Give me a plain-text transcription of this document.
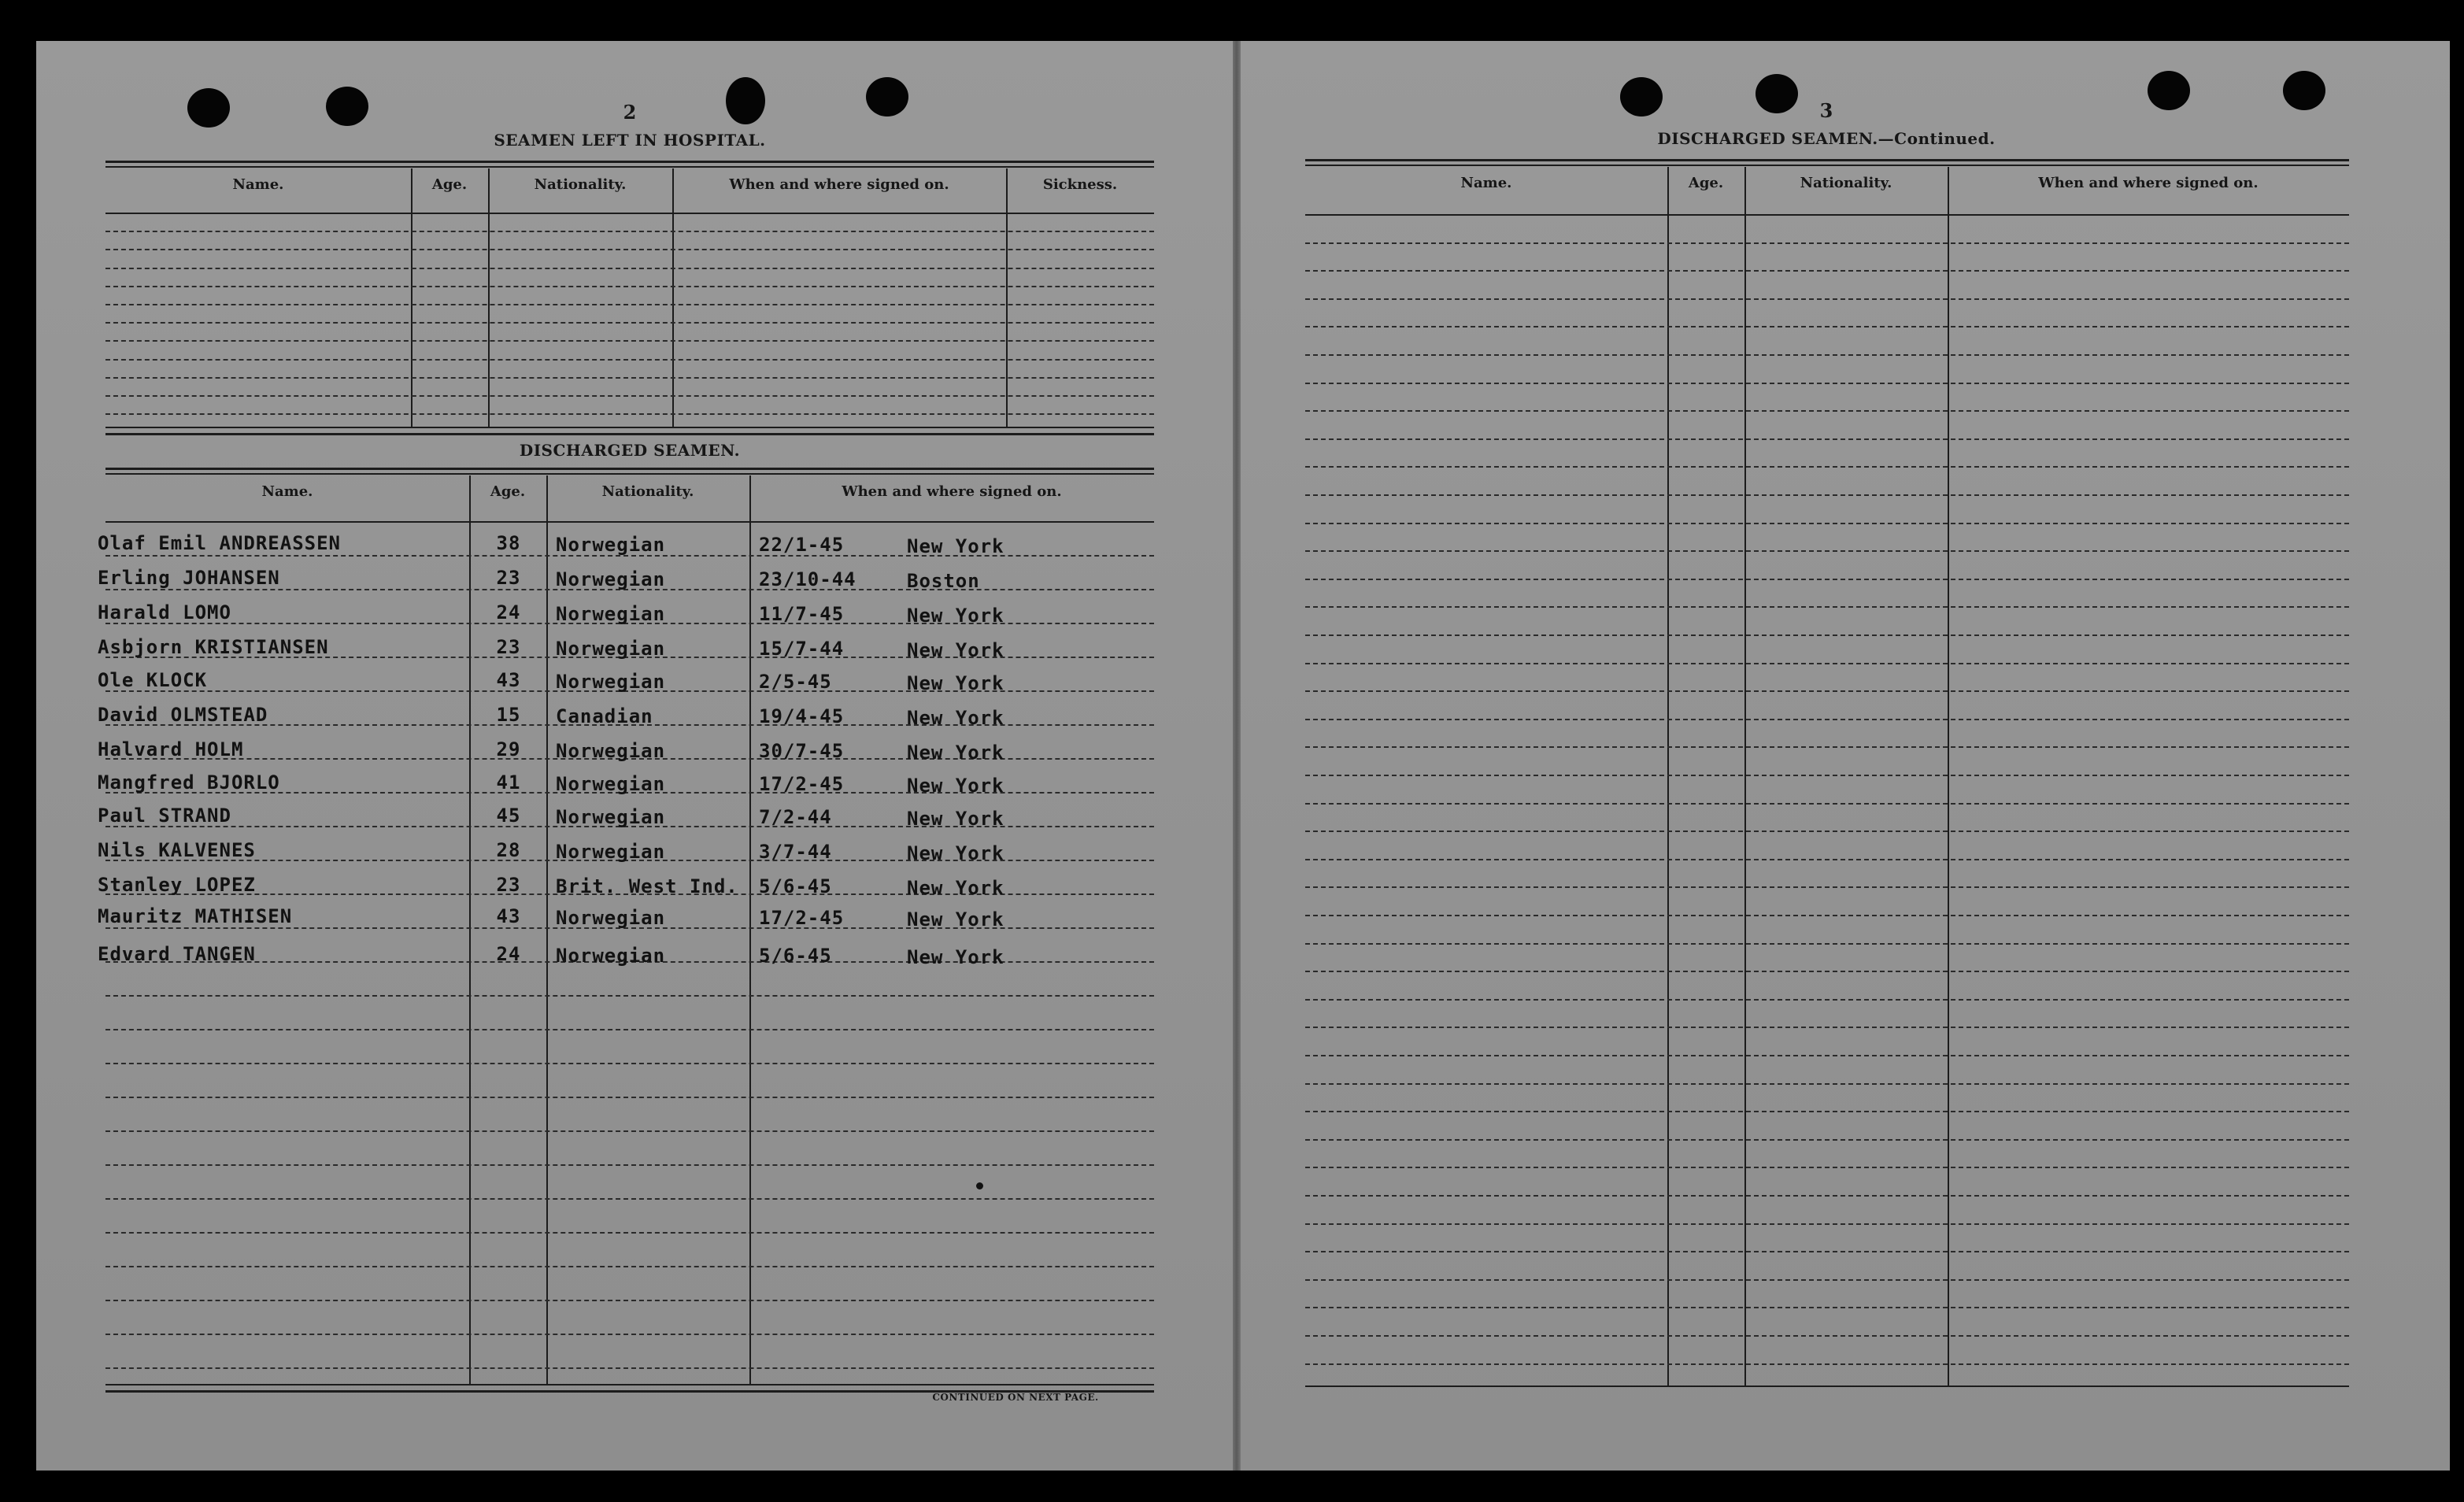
2
SEAMEN LEFT IN HOSPITAL.
Name.	Age.	Nationality.	When and where signed on.	Sickness.
DISCHARGED SEAMEN.
Name.	Age.	Nationality.	When and where signed on.
Olaf Emil ANDREASSEN	38	Norwegian	22/1-45	New York
Erling JOHANSEN	23	Norwegian	23/10-44	Boston
Harald LOMO	24	Norwegian	11/7-45	New York
Asbjorn KRISTIANSEN	23	Norwegian	15/7-44	New York
Ole KLOCK	43	Norwegian	2/5-45	New York
David OLMSTEAD	15	Canadian	19/4-45	New York
Halvard HOLM	29	Norwegian	30/7-45	New York
Mangfred BJORLO	41	Norwegian	17/2-45	New York
Paul STRAND	45	Norwegian	7/2-44	New York
Nils KALVENES	28	Norwegian	3/7-44	New York
Stanley LOPEZ	23	Brit. West Ind. 5/6-45	New York
Mauritz MATHISEN	43	Norwegian	17/2-45	New York
Edvard TANGEN	24	Norwegian	5/6-45	New York
CONTINUED ON NEXT PAGE.
3
DISCHARGED SEAMEN.—Continued.
Name.	Age.	Nationality.	When and where signed on.
